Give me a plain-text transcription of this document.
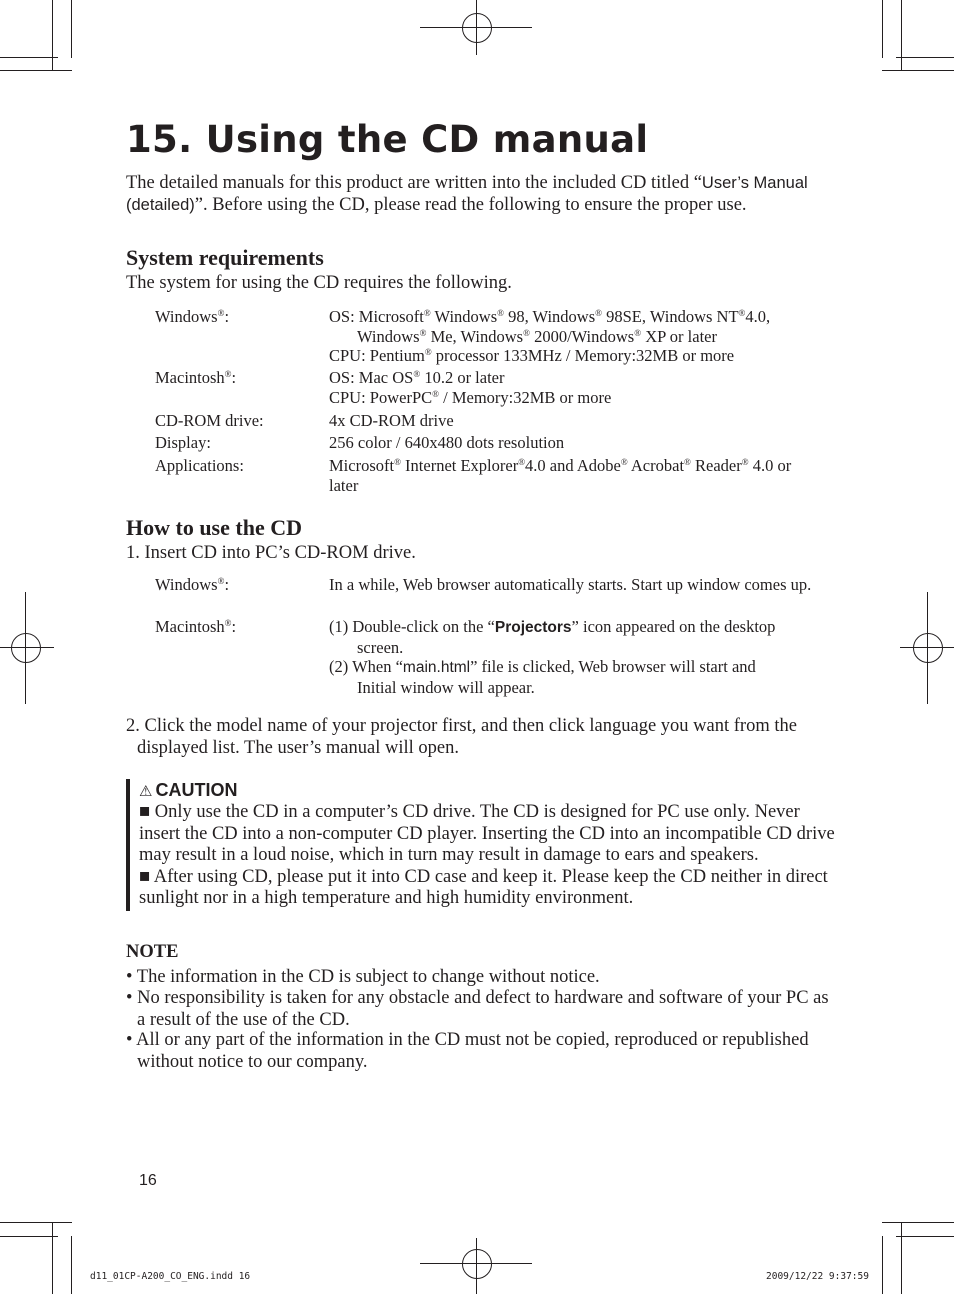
15. Using the CD manual

The detailed manuals for this product are written into the included CD titled “User’s Manual (detailed)”. Before using the CD, please read the following to ensure the proper use.

System requirements

The system for using the CD requires the following.

Windows®:	OS: Microsoft® Windows® 98, Windows® 98SE, Windows NT®4.0,
Windows® Me, Windows® 2000/Windows® XP or later
CPU: Pentium® processor 133MHz / Memory:32MB or more
Macintosh®:	OS: Mac OS® 10.2 or later
CPU: PowerPC® / Memory:32MB or more
CD-ROM drive:	4x CD-ROM drive
Display:	256 color / 640x480 dots resolution
Applications:	Microsoft® Internet Explorer®4.0 and Adobe® Acrobat® Reader® 4.0 or later
How to use the CD

1. Insert CD into PC’s CD-ROM drive.

Windows®:	In a while, Web browser automatically starts. Start up window comes up.
Macintosh®:	(1) Double-click on the “Projectors” icon appeared on the desktop
screen.
(2) When “main.html” file is clicked, Web browser will start and
Initial window will appear.

2. Click the model name of your projector first, and then click language you want from the
displayed list. The user’s manual will open.

⚠ CAUTION

■ Only use the CD in a computer’s CD drive. The CD is designed for PC use only. Never insert the CD into a non-computer CD player. Inserting the CD into an incompatible CD drive may result in a loud noise, which in turn may result in damage to ears and speakers.

■ After using CD, please put it into CD case and keep it. Please keep the CD neither in direct sunlight nor in a high temperature and high humidity environment.

NOTE

• The information in the CD is subject to change without notice.

• No responsibility is taken for any obstacle and defect to hardware and software of your PC as a result of the use of the CD.

• All or any part of the information in the CD must not be copied, reproduced or republished without notice to our company.

16
d11_01CP-A200_CO_ENG.indd 16	2009/12/22 9:37:59
